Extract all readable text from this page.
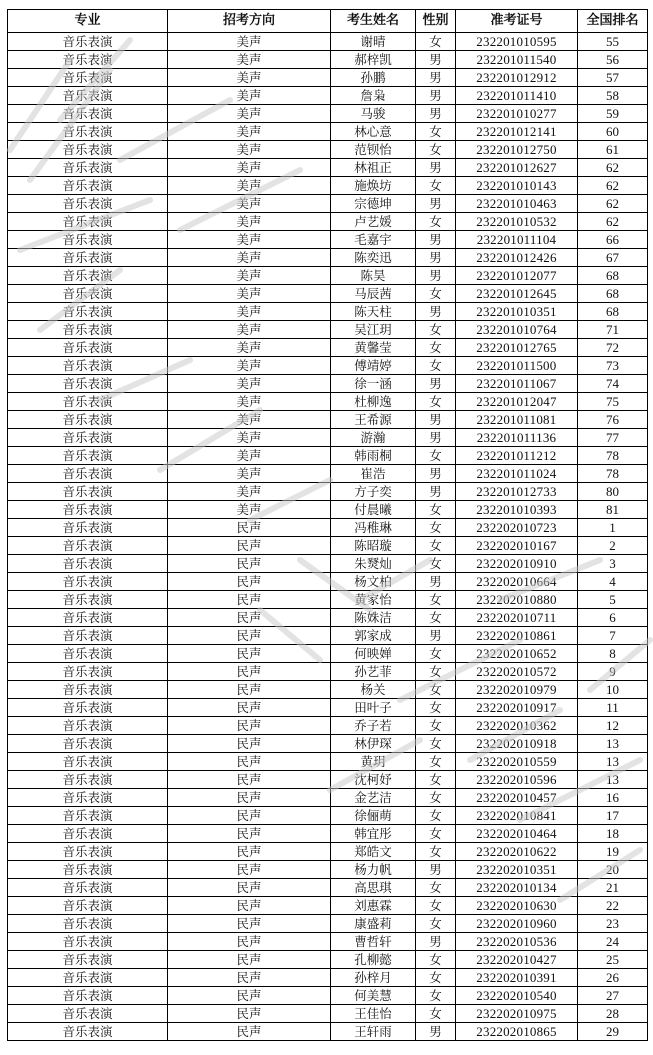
专业	招考方向	考生姓名	性别	准考证号	全国排名
音乐表演	美声	谢晴	女	232201010595	55
音乐表演	美声	郝梓凯	男	232201011540	56
音乐表演	美声	孙鹏	男	232201012912	57
音乐表演	美声	詹枭	男	232201011410	58
音乐表演	美声	马骏	男	232201010277	59
音乐表演	美声	林心意	女	232201012141	60
音乐表演	美声	范钡怡	女	232201012750	61
音乐表演	美声	林祖正	男	232201012627	62
音乐表演	美声	施焕坊	女	232201010143	62
音乐表演	美声	宗德坤	男	232201010463	62
音乐表演	美声	卢艺媛	女	232201010532	62
音乐表演	美声	毛嘉宇	男	232201011104	66
音乐表演	美声	陈奕迅	男	232201012426	67
音乐表演	美声	陈昊	男	232201012077	68
音乐表演	美声	马辰茜	女	232201012645	68
音乐表演	美声	陈天柱	男	232201010351	68
音乐表演	美声	吴江玥	女	232201010764	71
音乐表演	美声	黄馨莹	女	232201012765	72
音乐表演	美声	傅靖婷	女	232201011500	73
音乐表演	美声	徐一涵	男	232201011067	74
音乐表演	美声	杜柳逸	女	232201012047	75
音乐表演	美声	王希源	男	232201011081	76
音乐表演	美声	游瀚	男	232201011136	77
音乐表演	美声	韩雨桐	女	232201011212	78
音乐表演	美声	崔浩	男	232201011024	78
音乐表演	美声	方子奕	男	232201012733	80
音乐表演	美声	付晨曦	女	232201010393	81
音乐表演	民声	冯稚琳	女	232202010723	1
音乐表演	民声	陈昭璇	女	232202010167	2
音乐表演	民声	朱燹灿	女	232202010910	3
音乐表演	民声	杨文柏	男	232202010664	4
音乐表演	民声	黄家怡	女	232202010880	5
音乐表演	民声	陈姝洁	女	232202010711	6
音乐表演	民声	郭家成	男	232202010861	7
音乐表演	民声	何映婵	女	232202010652	8
音乐表演	民声	孙艺菲	女	232202010572	9
音乐表演	民声	杨关	女	232202010979	10
音乐表演	民声	田叶子	女	232202010917	11
音乐表演	民声	乔子若	女	232202010362	12
音乐表演	民声	林伊琛	女	232202010918	13
音乐表演	民声	黄玥	女	232202010559	13
音乐表演	民声	沈柯妤	女	232202010596	13
音乐表演	民声	金艺洁	女	232202010457	16
音乐表演	民声	徐俪萌	女	232202010841	17
音乐表演	民声	韩宜彤	女	232202010464	18
音乐表演	民声	郑皓文	女	232202010622	19
音乐表演	民声	杨力帆	男	232202010351	20
音乐表演	民声	高思琪	女	232202010134	21
音乐表演	民声	刘惠霖	女	232202010630	22
音乐表演	民声	康盛莉	女	232202010960	23
音乐表演	民声	曹哲轩	男	232202010536	24
音乐表演	民声	孔柳懿	女	232202010427	25
音乐表演	民声	孙梓月	女	232202010391	26
音乐表演	民声	何美慧	女	232202010540	27
音乐表演	民声	王佳怡	女	232202010975	28
音乐表演	民声	王轩雨	男	232202010865	29
